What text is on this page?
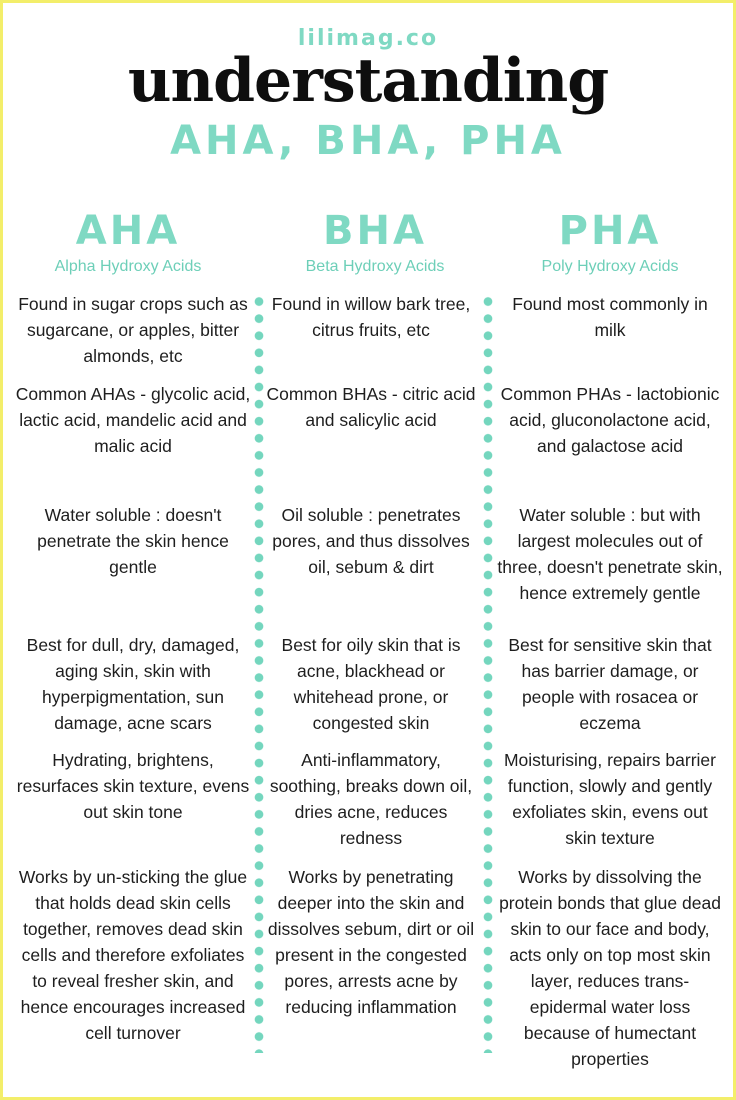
lilimag.co
understanding
AHA, BHA, PHA
AHA
Alpha Hydroxy Acids
BHA
Beta Hydroxy Acids
PHA
Poly Hydroxy Acids
Found in sugar crops such as sugarcane, or apples, bitter almonds, etc
Common AHAs - glycolic acid, lactic acid, mandelic acid and malic acid
Water soluble : doesn't penetrate the skin hence gentle
Best for dull, dry, damaged, aging skin, skin with hyperpigmentation, sun damage, acne scars
Hydrating, brightens, resurfaces skin texture, evens out skin tone
Works by un-sticking the glue that holds dead skin cells together, removes dead skin cells and therefore exfoliates to reveal fresher skin, and hence encourages increased cell turnover
Found in willow bark tree, citrus fruits, etc
Common BHAs - citric acid and salicylic acid
Oil soluble : penetrates pores, and thus dissolves oil, sebum & dirt
Best for oily skin that is acne, blackhead or whitehead prone, or congested skin
Anti-inflammatory, soothing, breaks down oil, dries acne, reduces redness
Works by penetrating deeper into the skin and dissolves sebum, dirt or oil present in the congested pores, arrests acne by reducing inflammation
Found most commonly in milk
Common PHAs - lactobionic acid, gluconolactone acid, and galactose acid
Water soluble : but with largest molecules out of three, doesn't penetrate skin, hence extremely gentle
Best for sensitive skin that has barrier damage, or people with rosacea or eczema
Moisturising, repairs barrier function, slowly and gently exfoliates skin, evens out skin texture
Works by dissolving the protein bonds that glue dead skin to our face and body, acts only on top most skin layer, reduces trans-epidermal water loss because of humectant properties
